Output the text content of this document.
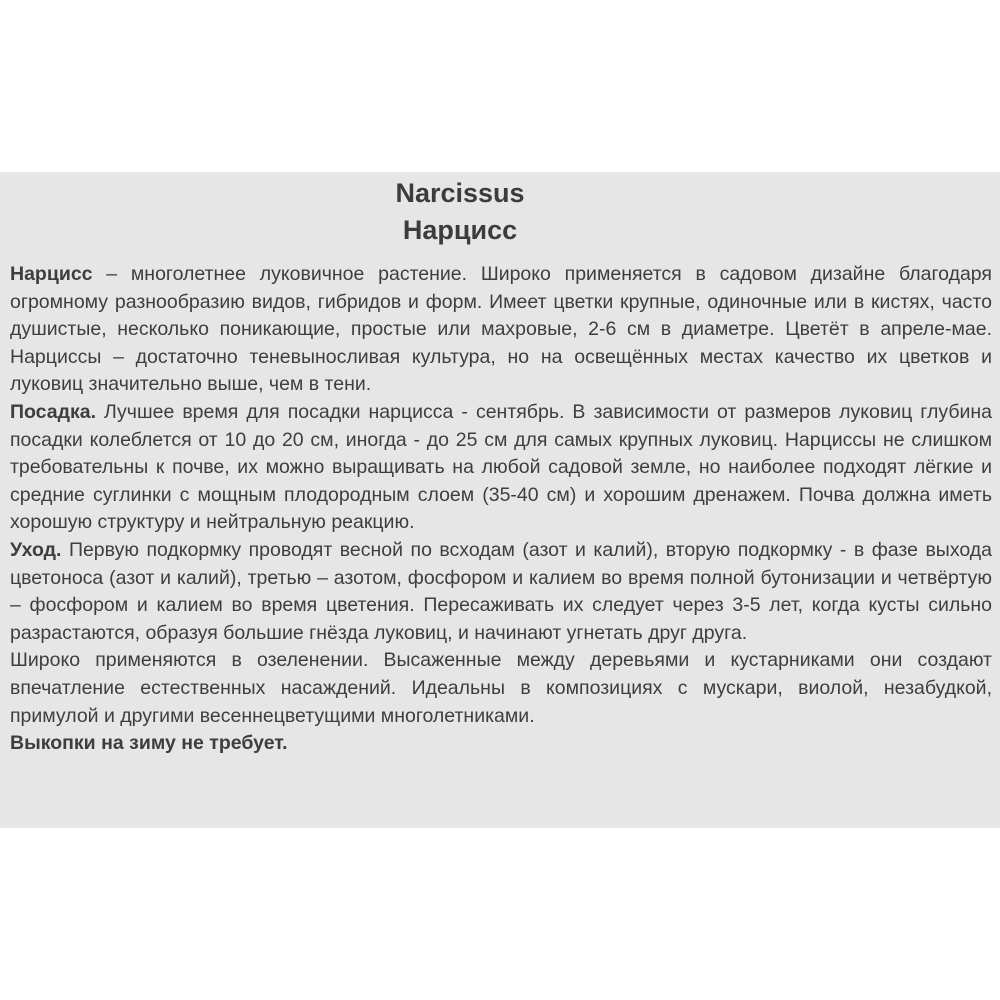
Narcissus
Нарцисс

Нарцисс – многолетнее луковичное растение. Широко применяется в садовом дизайне благодаря огромному разнообразию видов, гибридов и форм. Имеет цветки крупные, одиночные или в кистях, часто душистые, несколько поникающие, простые или махровые, 2-6 см в диаметре. Цветёт в апреле-мае. Нарциссы – достаточно теневыносливая культура, но на освещённых местах качество их цветков и луковиц значительно выше, чем в тени.

Посадка. Лучшее время для посадки нарцисса - сентябрь. В зависимости от размеров луковиц глубина посадки колеблется от 10 до 20 см, иногда - до 25 см для самых крупных луковиц. Нарциссы не слишком требовательны к почве, их можно выращивать на любой садовой земле, но наиболее подходят лёгкие и средние суглинки с мощным плодородным слоем (35-40 см) и хорошим дренажем. Почва должна иметь хорошую структуру и нейтральную реакцию.

Уход. Первую подкормку проводят весной по всходам (азот и калий), вторую подкормку - в фазе выхода цветоноса (азот и калий), третью – азотом, фосфором и калием во время полной бутонизации и четвёртую – фосфором и калием во время цветения. Пересаживать их следует через 3-5 лет, когда кусты сильно разрастаются, образуя большие гнёзда луковиц, и начинают угнетать друг друга.

Широко применяются в озеленении. Высаженные между деревьями и кустарниками они создают впечатление естественных насаждений. Идеальны в композициях с мускари, виолой, незабудкой, примулой и другими весеннецветущими многолетниками.

Выкопки на зиму не требует.
